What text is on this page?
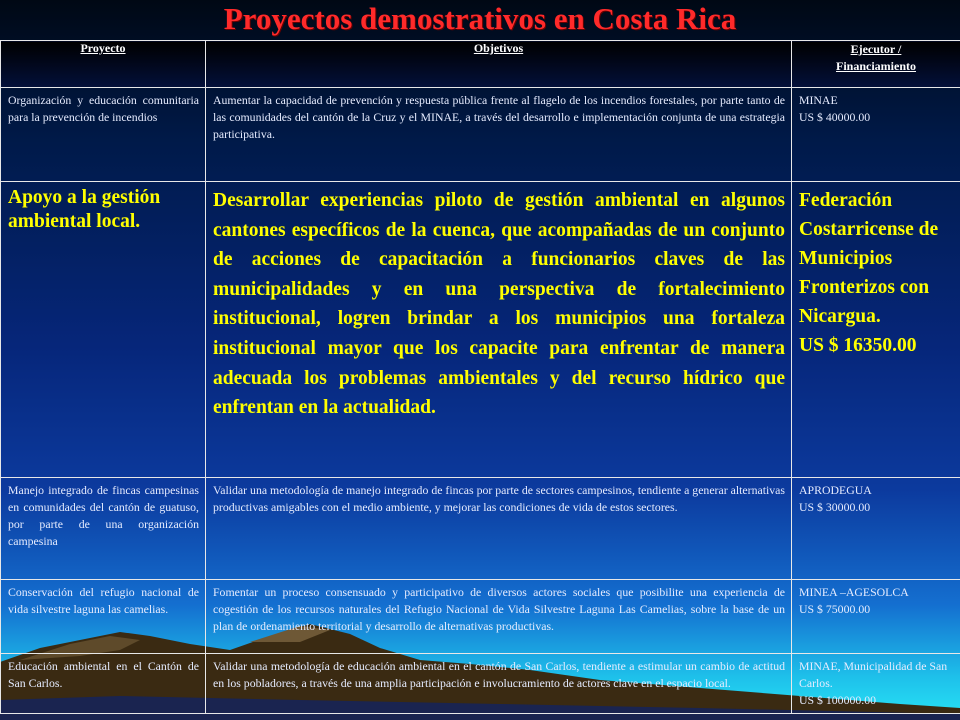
Proyectos demostrativos en Costa Rica
Proyecto	Objetivos	Ejecutor /
Financiamiento
Organización y educación comunitaria para la prevención de incendios	Aumentar la capacidad de prevención y respuesta pública frente al flagelo de los incendios forestales, por parte tanto de las comunidades del cantón de la Cruz y el MINAE, a través del desarrollo e implementación conjunta de una estrategia participativa.	MINAE
US $ 40000.00
Apoyo a la gestión ambiental local.	Desarrollar experiencias piloto de gestión ambiental en algunos cantones específicos de la cuenca, que acompañadas de un conjunto de acciones de capacitación a funcionarios claves de las municipalidades y en una perspectiva de fortalecimiento institucional, logren brindar a los municipios una fortaleza institucional mayor que los capacite para enfrentar de manera adecuada los problemas ambientales y del recurso hídrico que enfrentan en la actualidad.	Federación Costarricense de Municipios Fronterizos con Nicargua.
US $ 16350.00
Manejo integrado de fincas campesinas en comunidades del cantón de guatuso, por parte de una organización campesina	Validar una metodología de manejo integrado de fincas por parte de sectores campesinos, tendiente a generar alternativas productivas amigables con el medio ambiente, y mejorar las condiciones de vida de estos sectores.	APRODEGUA
US $ 30000.00
Conservación del refugio nacional de vida silvestre laguna las camelias.	Fomentar un proceso consensuado y participativo de diversos actores sociales que posibilite una experiencia de cogestión de los recursos naturales del Refugio Nacional de Vida Silvestre Laguna Las Camelias, sobre la base de un plan de ordenamiento territorial y desarrollo de alternativas productivas.	MINEA –AGESOLCA
US $ 75000.00
Educación ambiental en el Cantón de San Carlos.	Validar una metodología de educación ambiental en el cantón de San Carlos, tendiente a estimular un cambio de actitud en los pobladores, a través de una amplia participación e involucramiento de actores clave en el espacio local.	MINAE, Municipalidad de San Carlos.
US $ 100000.00
